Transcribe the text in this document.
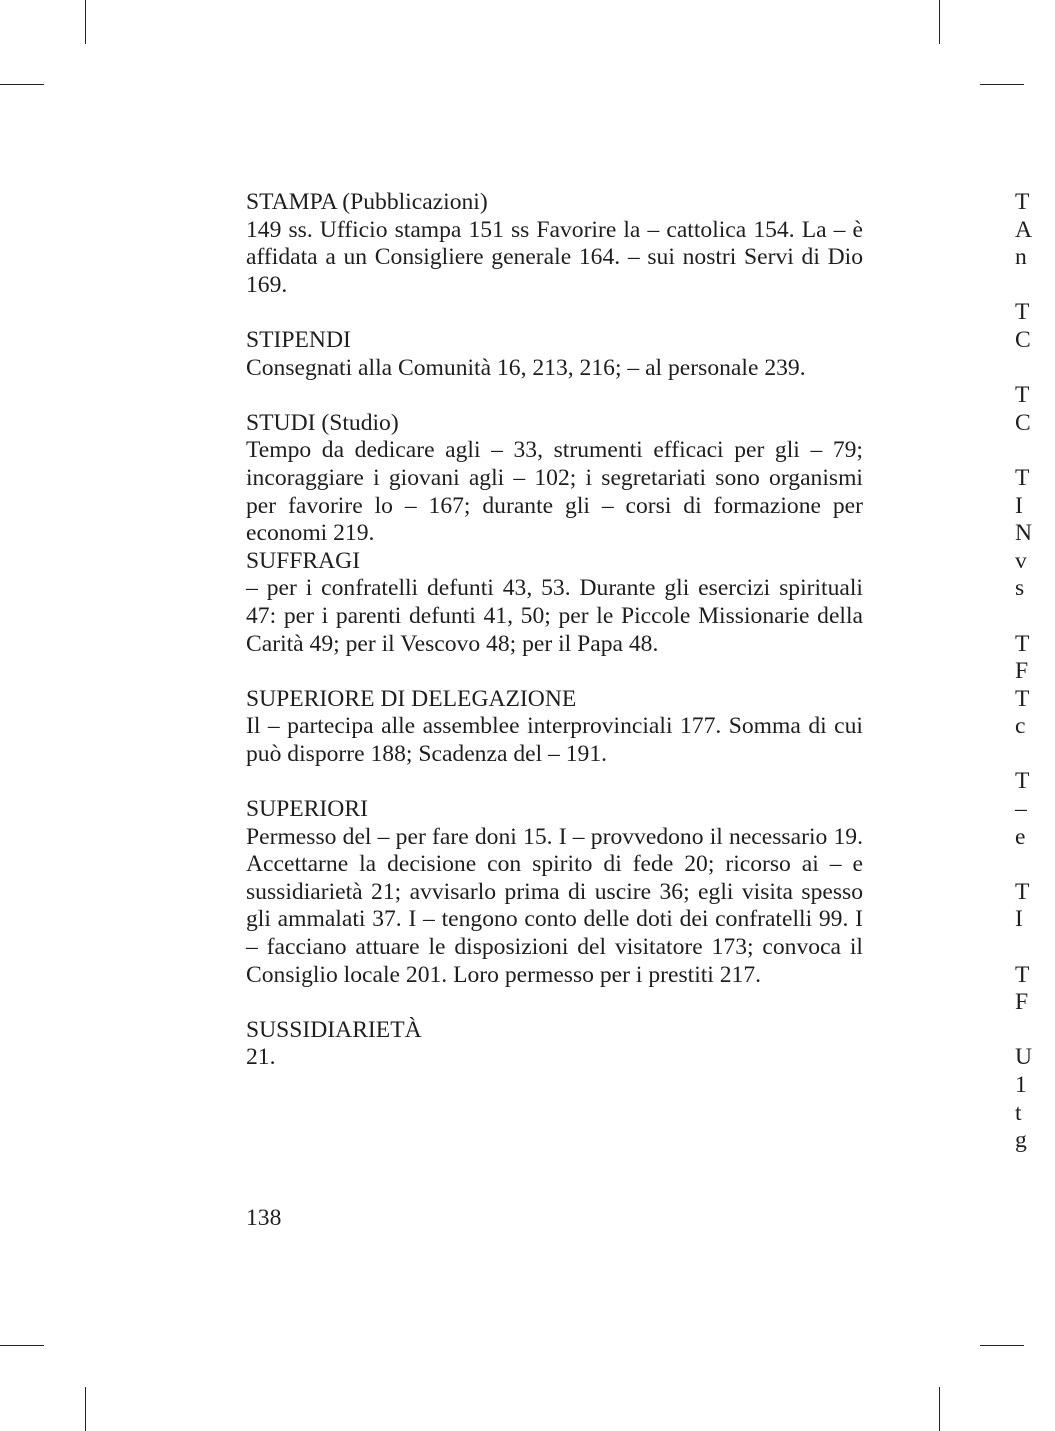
STAMPA (Pubblicazioni)
149 ss. Ufficio stampa 151 ss Favorire la – cattolica 154. La – è affidata a un Consigliere generale 164. – sui nostri Servi di Dio 169.
STIPENDI
Consegnati alla Comunità 16, 213, 216; – al personale 239.
STUDI (Studio)
Tempo da dedicare agli – 33, strumenti efficaci per gli – 79; incoraggiare i giovani agli – 102; i segretariati sono organismi per favorire lo – 167; durante gli – corsi di formazione per economi 219.
SUFFRAGI
– per i confratelli defunti 43, 53. Durante gli esercizi spirituali 47: per i parenti defunti 41, 50; per le Piccole Missionarie della Carità 49; per il Vescovo 48; per il Papa 48.
SUPERIORE DI DELEGAZIONE
Il – partecipa alle assemblee interprovinciali 177. Somma di cui può disporre 188; Scadenza del – 191.
SUPERIORI
Permesso del – per fare doni 15. I – provvedono il necessario 19. Accettarne la decisione con spirito di fede 20; ricorso ai – e sussidiarietà 21; avvisarlo prima di uscire 36; egli visita spesso gli ammalati 37. I – tengono conto delle doti dei confratelli 99. I – facciano attuare le disposizioni del visitatore 173; convoca il Consiglio locale 201. Loro permesso per i prestiti 217.
SUSSIDIARIETÀ
21.
138
T
A
n
T
C
T
C
T
I
N
v
s
T
F
T
c
T
–
e
T
I
T
F
U
1
t
g
